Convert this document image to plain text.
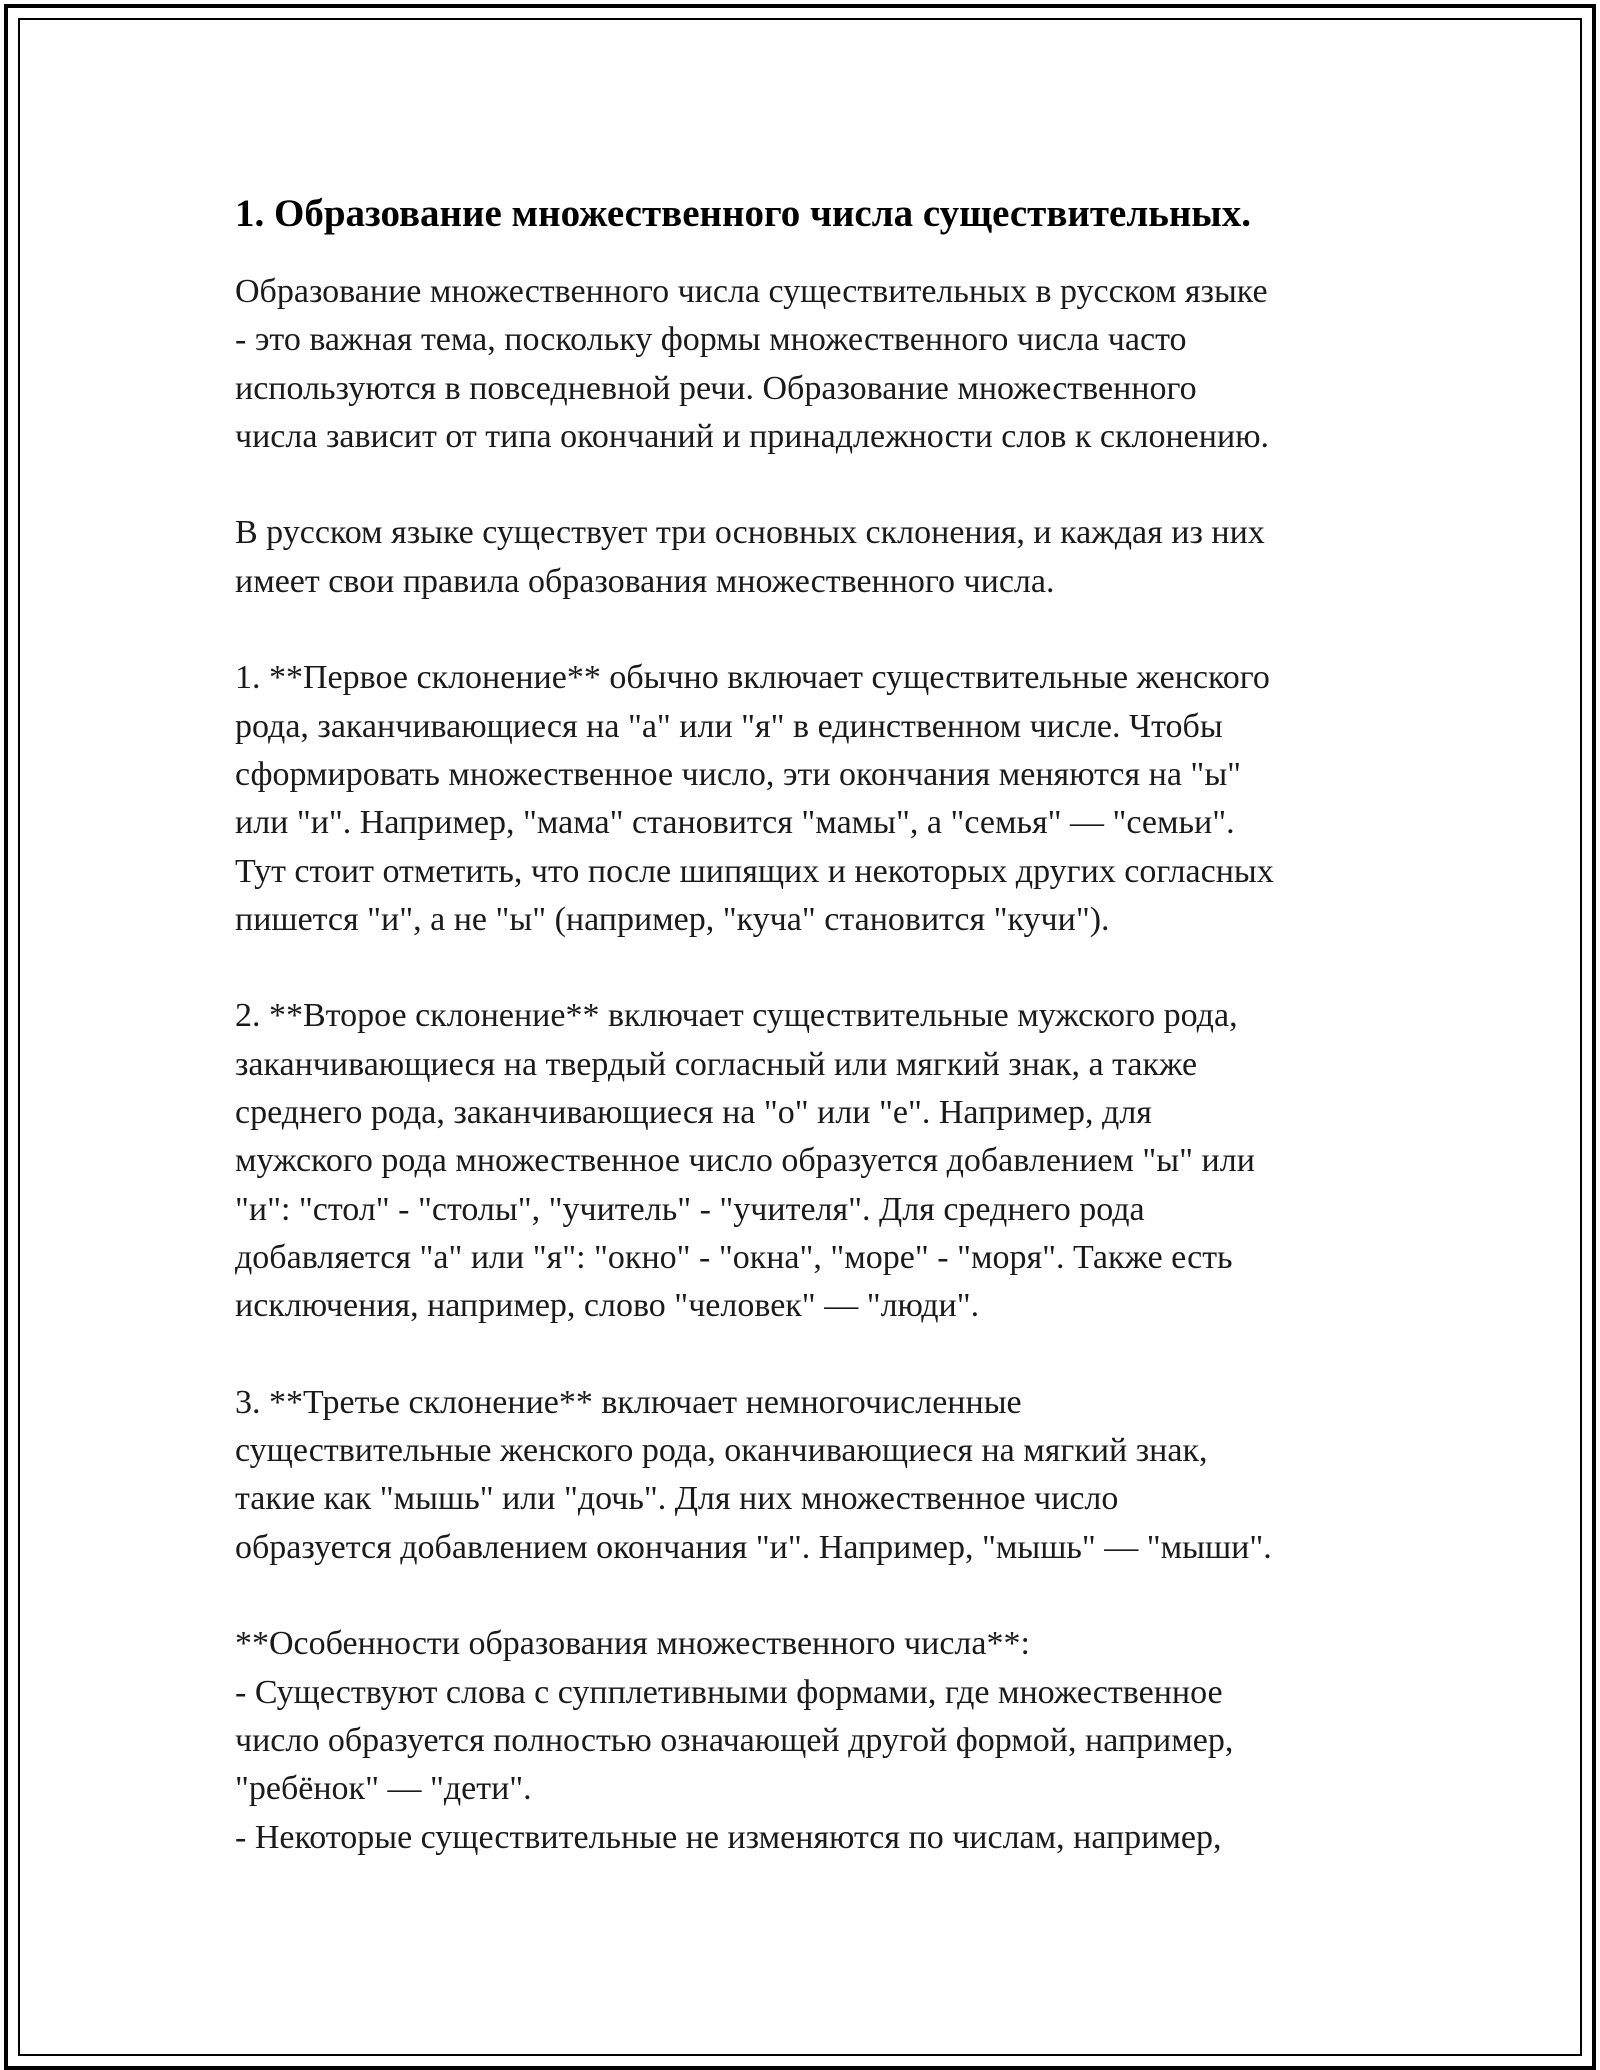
1. Образование множественного числа существительных.

Образование множественного числа существительных в русском языке
- это важная тема, поскольку формы множественного числа часто
используются в повседневной речи. Образование множественного
числа зависит от типа окончаний и принадлежности слов к склонению.

В русском языке существует три основных склонения, и каждая из них
имеет свои правила образования множественного числа.

1. **Первое склонение** обычно включает существительные женского
рода, заканчивающиеся на "а" или "я" в единственном числе. Чтобы
сформировать множественное число, эти окончания меняются на "ы"
или "и". Например, "мама" становится "мамы", а "семья" — "семьи".
Тут стоит отметить, что после шипящих и некоторых других согласных
пишется "и", а не "ы" (например, "куча" становится "кучи").

2. **Второе склонение** включает существительные мужского рода,
заканчивающиеся на твердый согласный или мягкий знак, а также
среднего рода, заканчивающиеся на "о" или "е". Например, для
мужского рода множественное число образуется добавлением "ы" или
"и": "стол" - "столы", "учитель" - "учителя". Для среднего рода
добавляется "а" или "я": "окно" - "окна", "море" - "моря". Также есть
исключения, например, слово "человек" — "люди".

3. **Третье склонение** включает немногочисленные
существительные женского рода, оканчивающиеся на мягкий знак,
такие как "мышь" или "дочь". Для них множественное число
образуется добавлением окончания "и". Например, "мышь" — "мыши".

**Особенности образования множественного числа**:
- Существуют слова с супплетивными формами, где множественное
число образуется полностью означающей другой формой, например,
"ребёнок" — "дети".
- Некоторые существительные не изменяются по числам, например,
